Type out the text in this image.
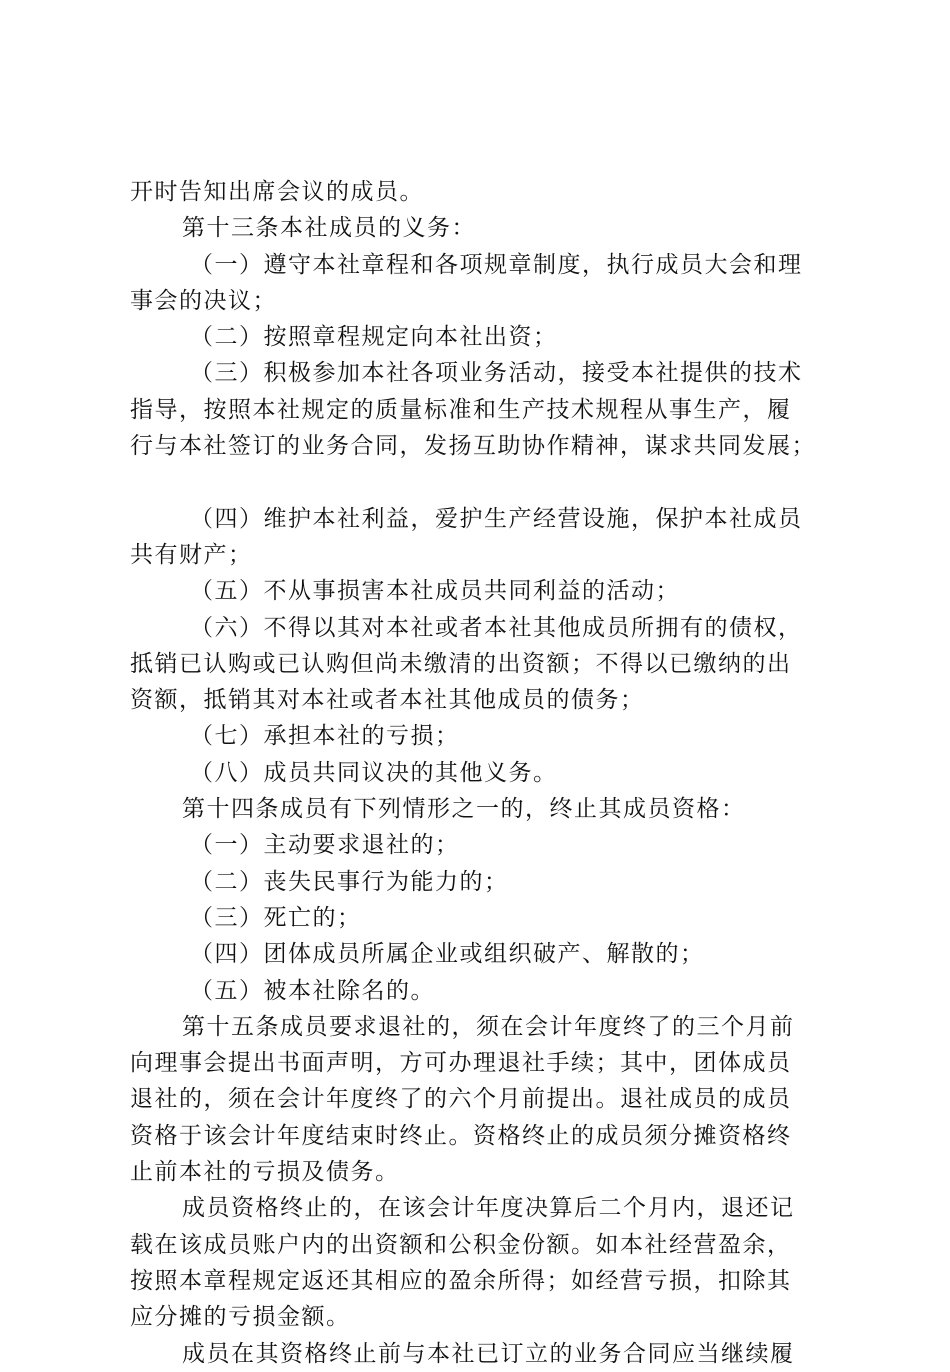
开时告知出席会议的成员。
第十三条本社成员的义务：
（一）遵守本社章程和各项规章制度，执行成员大会和理
事会的决议；
（二）按照章程规定向本社出资；
（三）积极参加本社各项业务活动，接受本社提供的技术
指导，按照本社规定的质量标准和生产技术规程从事生产，履
行与本社签订的业务合同，发扬互助协作精神，谋求共同发展；
（四）维护本社利益，爱护生产经营设施，保护本社成员
共有财产；
（五）不从事损害本社成员共同利益的活动；
（六）不得以其对本社或者本社其他成员所拥有的债权，
抵销已认购或已认购但尚未缴清的出资额；不得以已缴纳的出
资额，抵销其对本社或者本社其他成员的债务；
（七）承担本社的亏损；
（八）成员共同议决的其他义务。
第十四条成员有下列情形之一的，终止其成员资格：
（一）主动要求退社的；
（二）丧失民事行为能力的；
（三）死亡的；
（四）团体成员所属企业或组织破产、解散的；
（五）被本社除名的。
第十五条成员要求退社的，须在会计年度终了的三个月前
向理事会提出书面声明，方可办理退社手续；其中，团体成员
退社的，须在会计年度终了的六个月前提出。退社成员的成员
资格于该会计年度结束时终止。资格终止的成员须分摊资格终
止前本社的亏损及债务。
成员资格终止的，在该会计年度决算后二个月内，退还记
载在该成员账户内的出资额和公积金份额。如本社经营盈余，
按照本章程规定返还其相应的盈余所得；如经营亏损，扣除其
应分摊的亏损金额。
成员在其资格终止前与本社已订立的业务合同应当继续履
